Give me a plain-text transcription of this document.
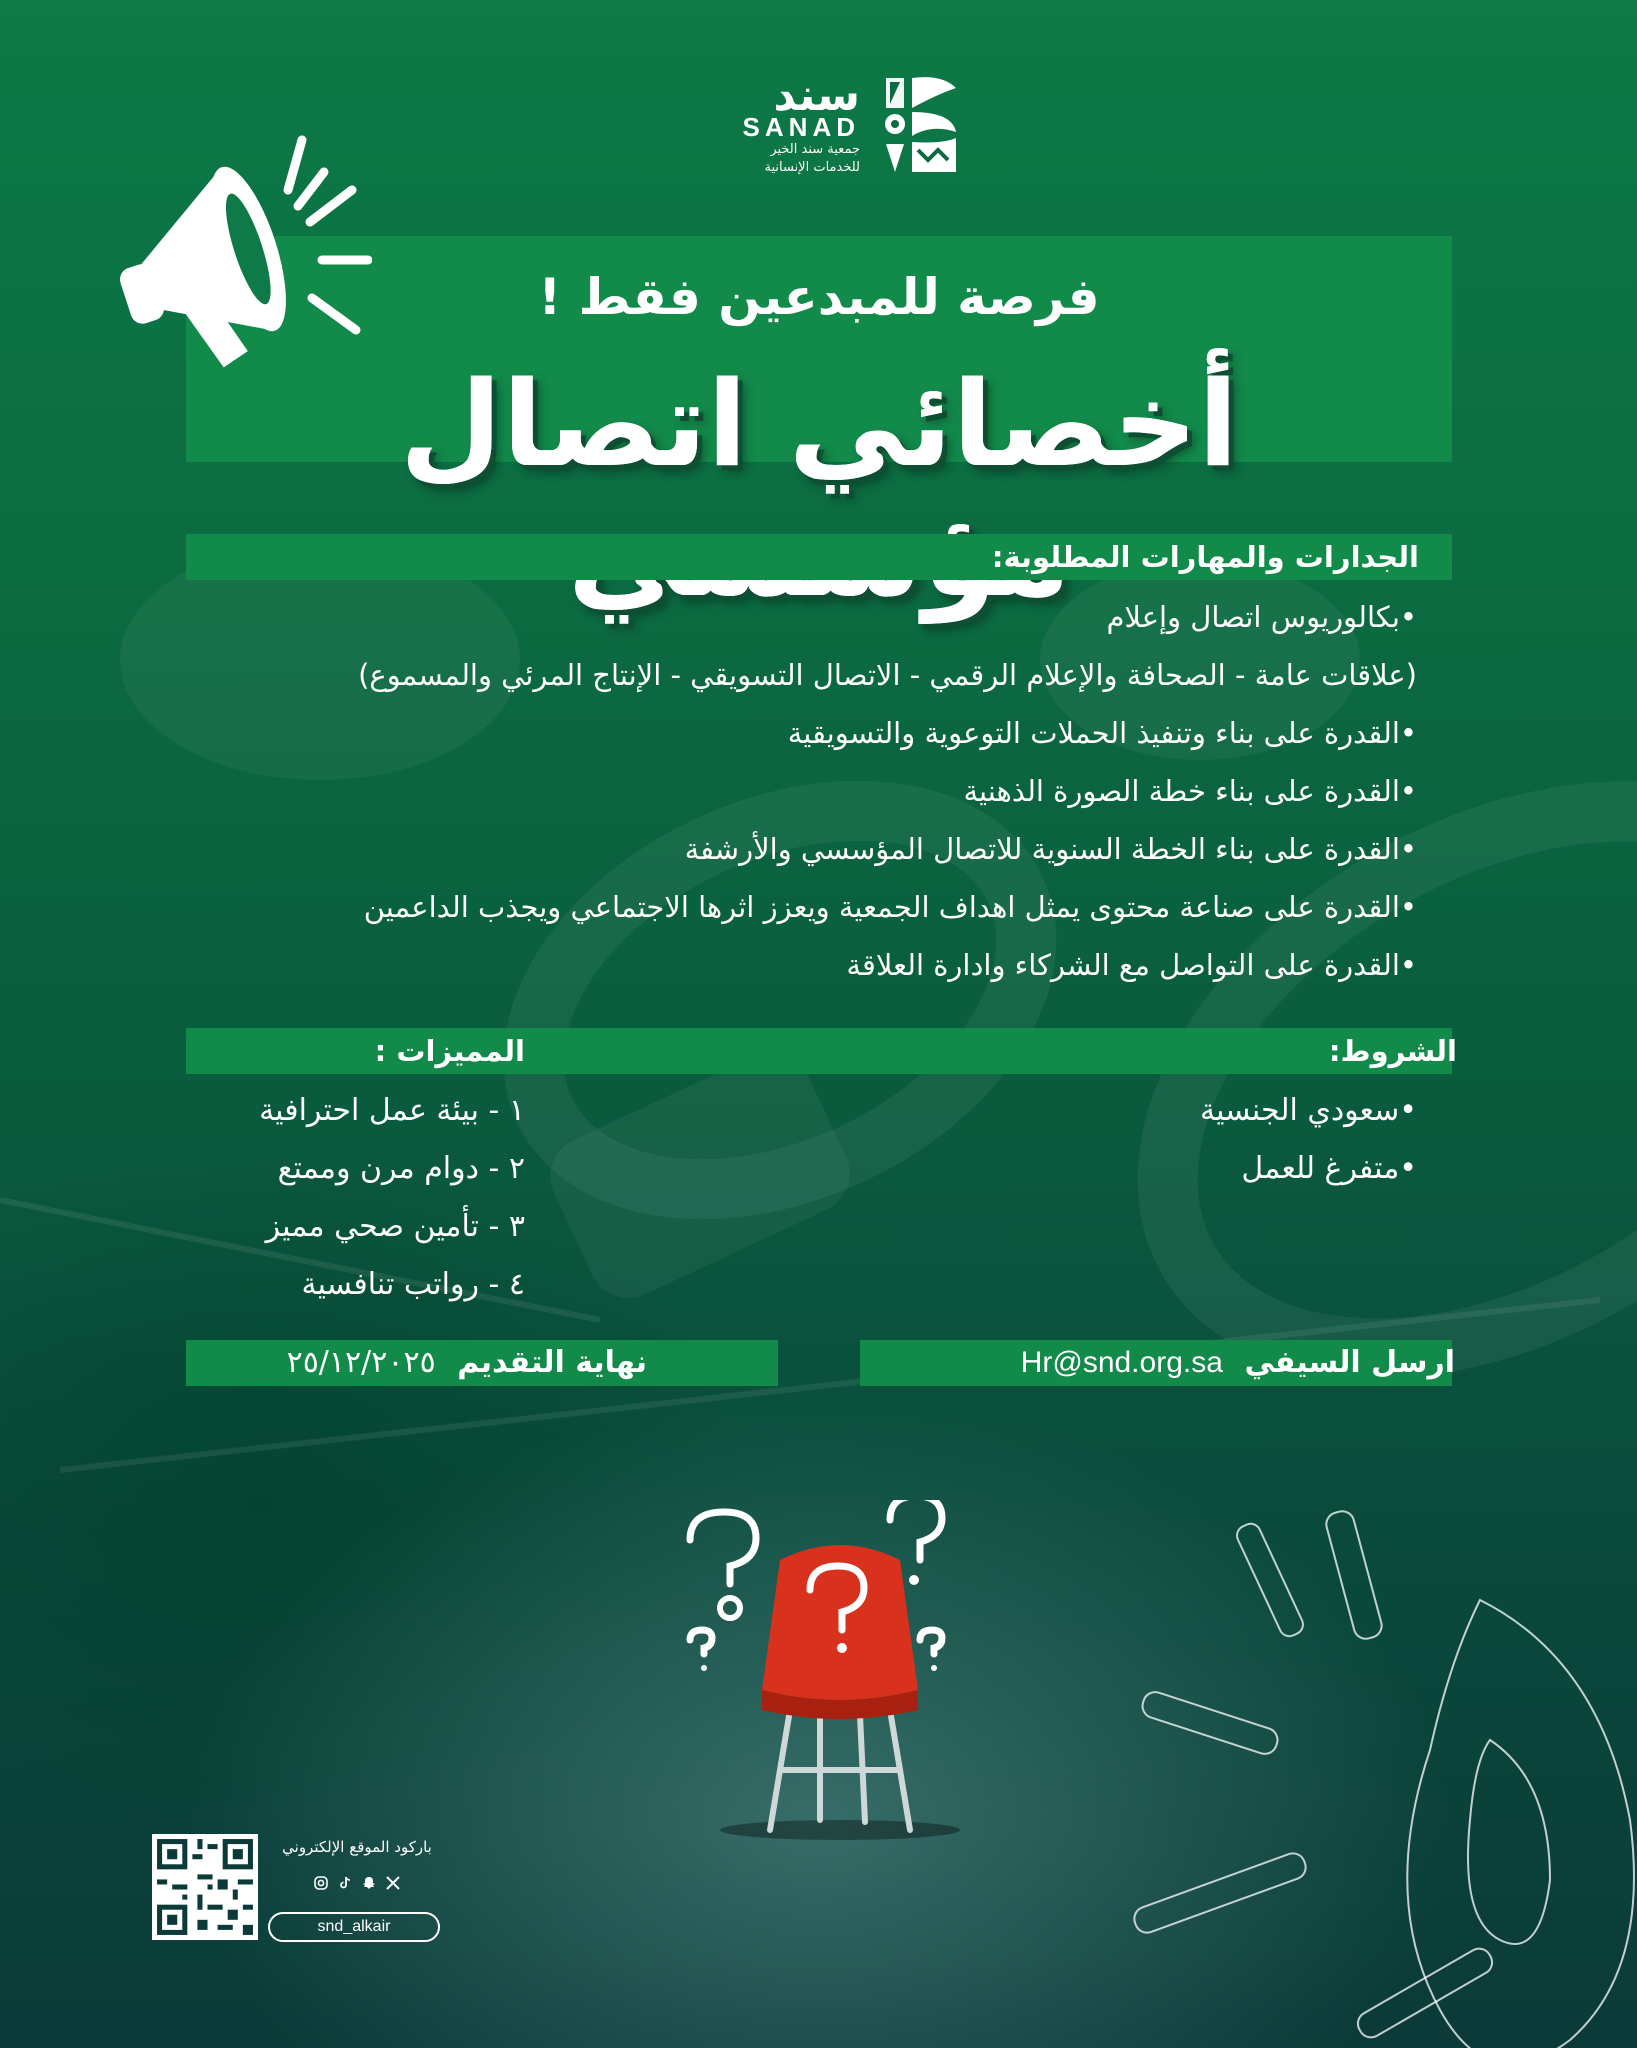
سند
SANAD
جمعية سند الخير
للخدمات الإنسانية
فرصة للمبدعين فقط !
أخصائي اتصال
الجدارات والمهارات المطلوبة:
•بكالوريوس اتصال وإعلام
(علاقات عامة - الصحافة والإعلام الرقمي - الاتصال التسويقي - الإنتاج المرئي والمسموع)
•القدرة على بناء وتنفيذ الحملات التوعوية والتسويقية
•القدرة على بناء خطة الصورة الذهنية
•القدرة على بناء الخطة السنوية للاتصال المؤسسي والأرشفة
•القدرة على صناعة محتوى يمثل اهداف الجمعية ويعزز اثرها الاجتماعي ويجذب الداعمين
•القدرة على التواصل مع الشركاء وادارة العلاقة
الشروط:
المميزات :
•سعودي الجنسية
•متفرغ للعمل
١ - بيئة عمل احترافية
٢ - دوام مرن وممتع
٣ - تأمين صحي مميز
٤ - رواتب تنافسية
ارسل السيفي Hr@snd.org.sa
نهاية التقديم ٢٥/١٢/٢٠٢٥
باركود الموقع الإلكتروني
snd_alkair
